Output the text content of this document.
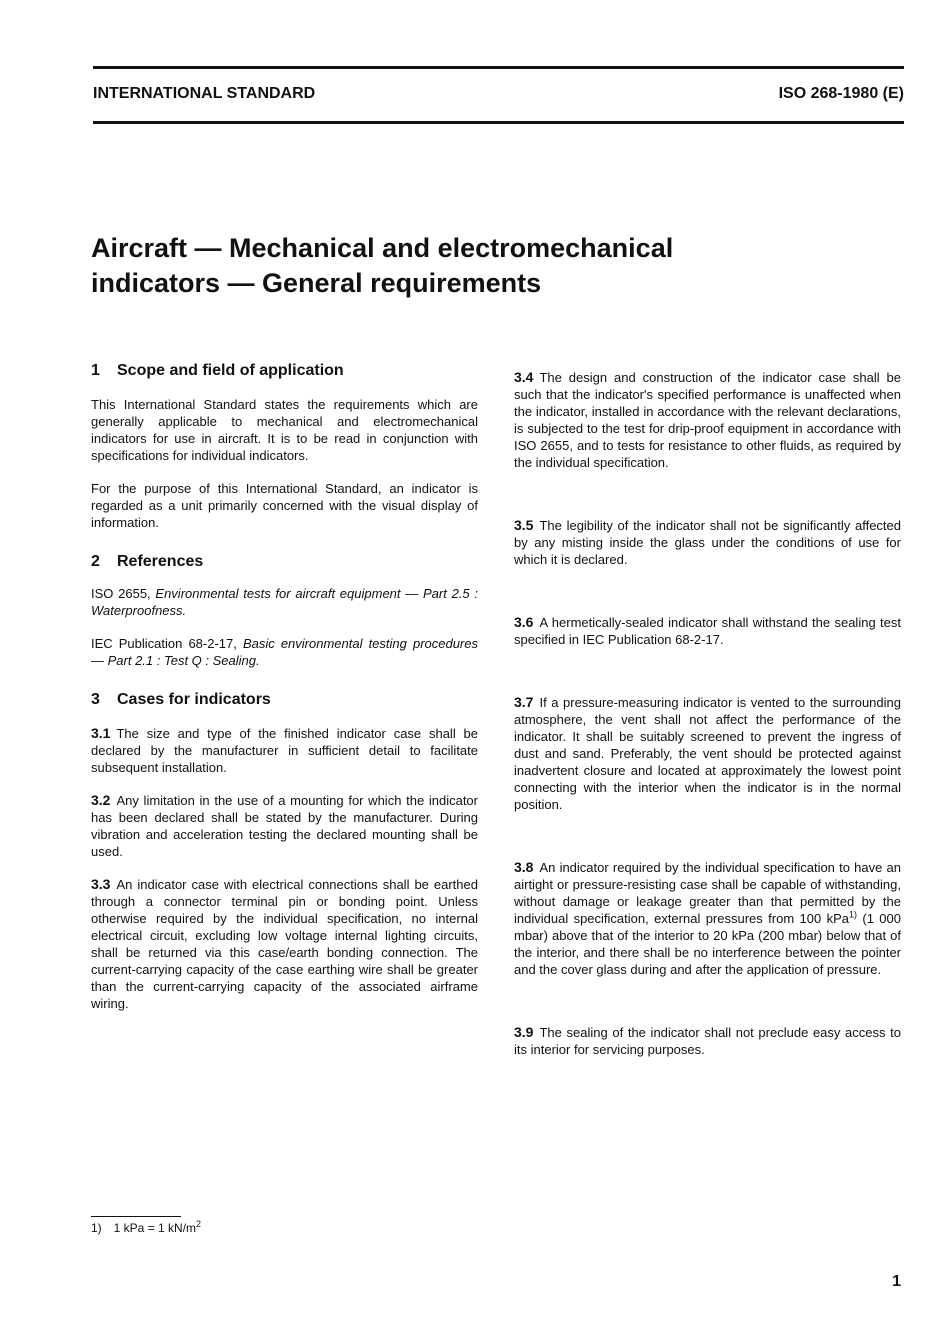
INTERNATIONAL STANDARD	ISO 268-1980 (E)
Aircraft — Mechanical and electromechanical
indicators — General requirements
1 Scope and field of application

This International Standard states the requirements which are generally applicable to mechanical and electromechanical indicators for use in aircraft. It is to be read in conjunction with specifications for individual indicators.

For the purpose of this International Standard, an indicator is regarded as a unit primarily concerned with the visual display of information.

2 References

ISO 2655, Environmental tests for aircraft equipment — Part 2.5 : Waterproofness.

IEC Publication 68-2-17, Basic environmental testing procedures — Part 2.1 : Test Q : Sealing.

3 Cases for indicators

3.1 The size and type of the finished indicator case shall be declared by the manufacturer in sufficient detail to facilitate subsequent installation.

3.2 Any limitation in the use of a mounting for which the indicator has been declared shall be stated by the manufacturer. During vibration and acceleration testing the declared mounting shall be used.

3.3 An indicator case with electrical connections shall be earthed through a connector terminal pin or bonding point. Unless otherwise required by the individual specification, no internal electrical circuit, excluding low voltage internal lighting circuits, shall be returned via this case/earth bonding connection. The current-carrying capacity of the case earthing wire shall be greater than the current-carrying capacity of the associated airframe wiring.

3.4 The design and construction of the indicator case shall be such that the indicator's specified performance is unaffected when the indicator, installed in accordance with the relevant declarations, is subjected to the test for drip-proof equipment in accordance with ISO 2655, and to tests for resistance to other fluids, as required by the individual specification.

3.5 The legibility of the indicator shall not be significantly affected by any misting inside the glass under the conditions of use for which it is declared.

3.6 A hermetically-sealed indicator shall withstand the sealing test specified in IEC Publication 68-2-17.

3.7 If a pressure-measuring indicator is vented to the surrounding atmosphere, the vent shall not affect the performance of the indicator. It shall be suitably screened to prevent the ingress of dust and sand. Preferably, the vent should be protected against inadvertent closure and located at approximately the lowest point connecting with the interior when the indicator is in the normal position.

3.8 An indicator required by the individual specification to have an airtight or pressure-resisting case shall be capable of withstanding, without damage or leakage greater than that permitted by the individual specification, external pressures from 100 kPa$^{1)}$ (1 000 mbar) above that of the interior to 20 kPa (200 mbar) below that of the interior, and there shall be no interference between the pointer and the cover glass during and after the application of pressure.

3.9 The sealing of the indicator shall not preclude easy access to its interior for servicing purposes.

1) 1 kPa = 1 $kN/m^2$
1
